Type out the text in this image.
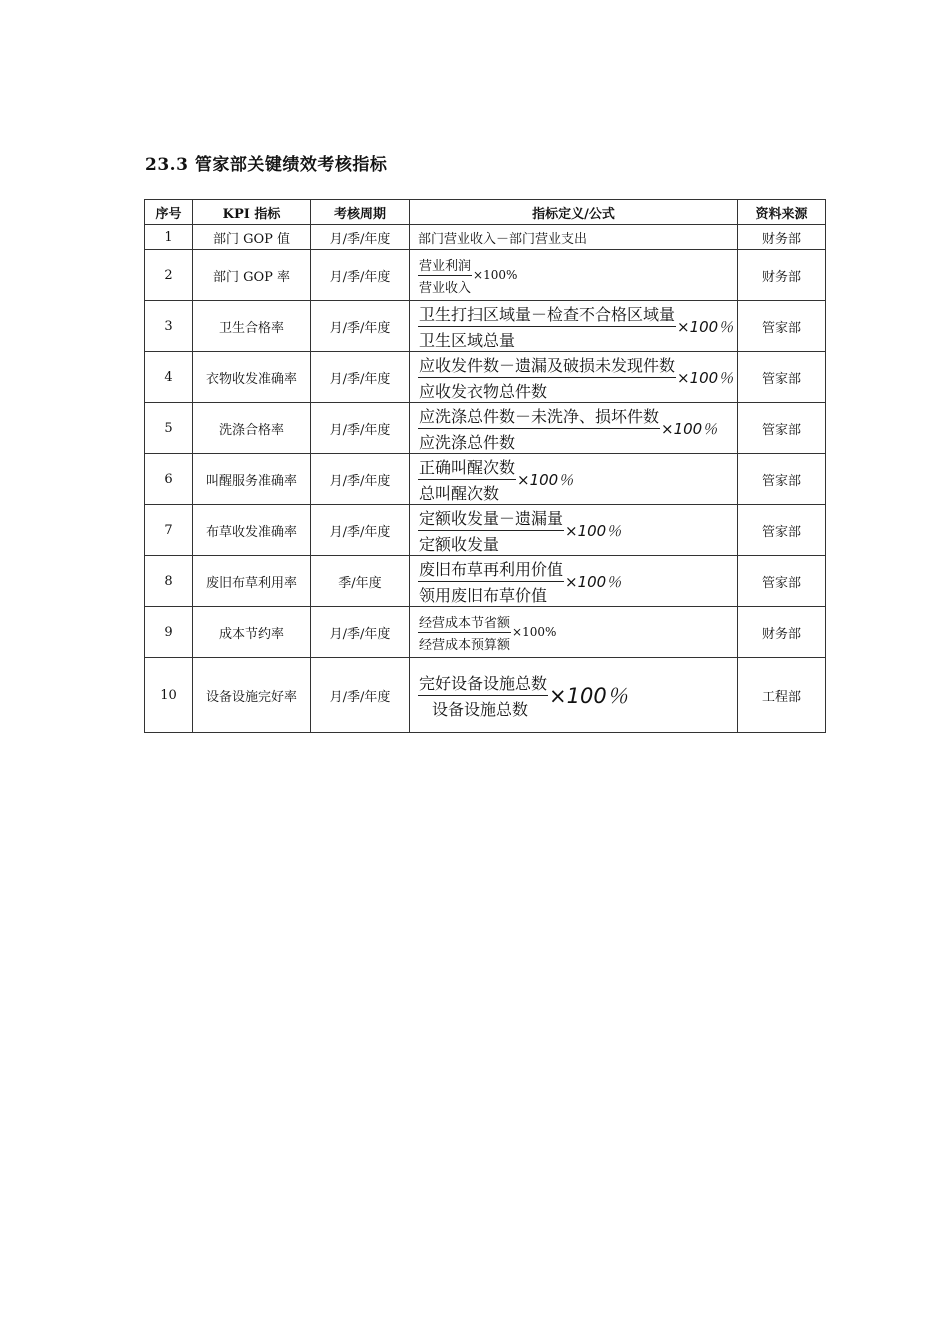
23.3 管家部关键绩效考核指标
序号	KPI 指标	考核周期	指标定义/公式	资料来源
1	部门 GOP 值	月/季/年度	部门营业收入－部门营业支出	财务部
2	部门 GOP 率	月/季/年度	$\frac{\text{营业利润}}{\text{营业收入}} \times 100\%$	财务部
3	卫生合格率	月/季/年度	$\frac{\text{卫生打扫区域量－检查不合格区域量}}{\text{卫生区域总量}} \times 100$％	管家部
4	衣物收发准确率	月/季/年度	$\frac{\text{应收发件数－遗漏及破损未发现件数}}{\text{应收发衣物总件数}} \times 100$％	管家部
5	洗涤合格率	月/季/年度	$\frac{\text{应洗涤总件数－未洗净、损坏件数}}{\text{应洗涤总件数}} \times 100$％	管家部
6	叫醒服务准确率	月/季/年度	$\frac{\text{正确叫醒次数}}{\text{总叫醒次数}} \times 100$％	管家部
7	布草收发准确率	月/季/年度	$\frac{\text{定额收发量－遗漏量}}{\text{定额收发量}} \times 100$％	管家部
8	废旧布草利用率	季/年度	$\frac{\text{废旧布草再利用价值}}{\text{领用废旧布草价值}} \times 100$％	管家部
9	成本节约率	月/季/年度	$\frac{\text{经营成本节省额}}{\text{经营成本预算额}} \times 100\%$	财务部
10	设备设施完好率	月/季/年度	$\frac{\text{完好设备设施总数}}{\text{设备设施总数}} \times 100$％	工程部
